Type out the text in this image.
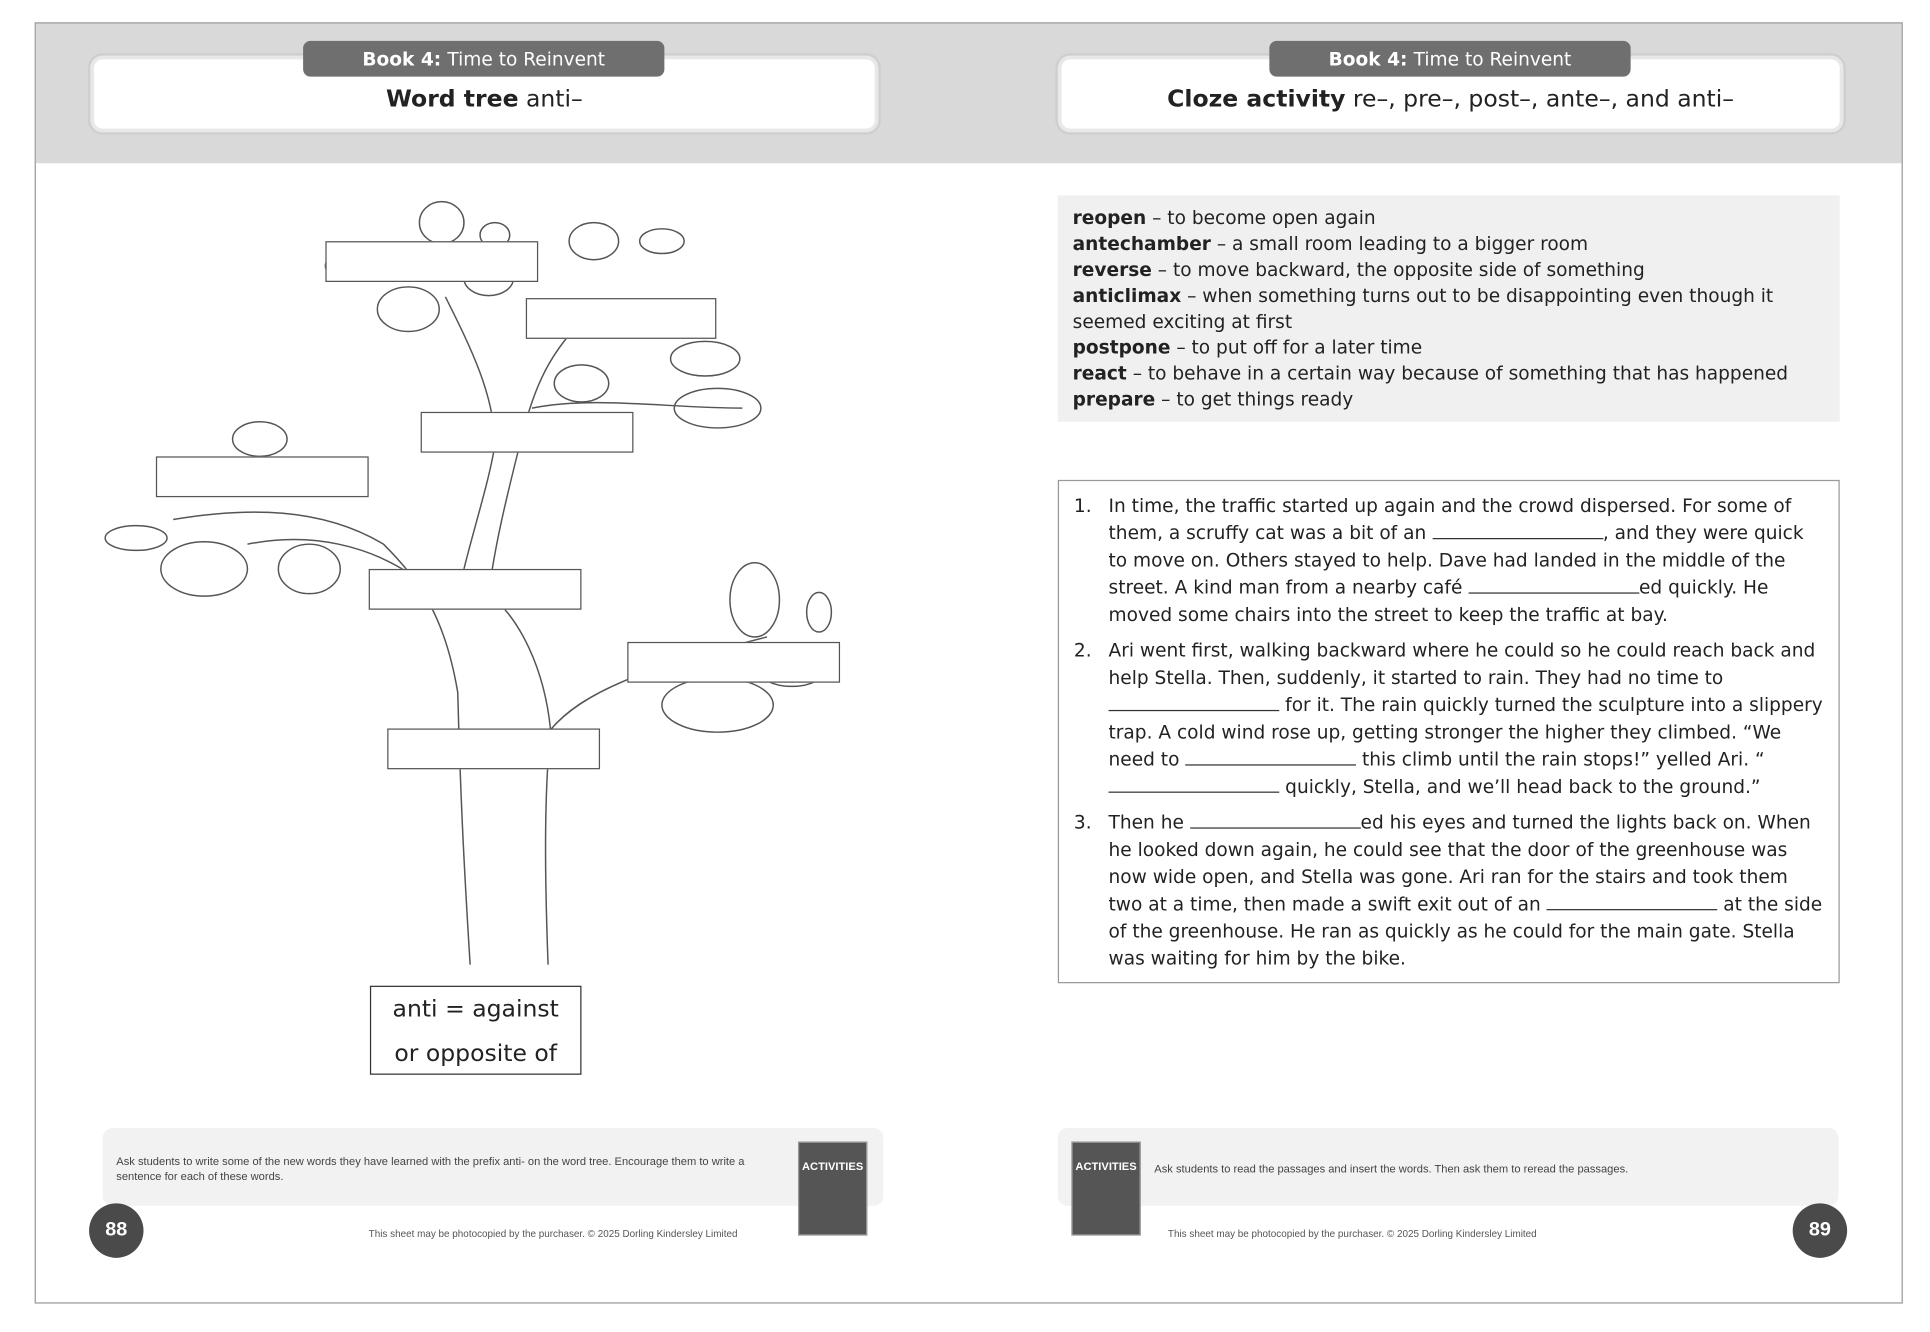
Word tree anti–
Book 4: Time to Reinvent
Cloze activity re–, pre–, post–, ante–, and anti–
Book 4: Time to Reinvent
anti = against
or opposite of
reopen – to become open again
antechamber – a small room leading to a bigger room
reverse – to move backward, the opposite side of something
anticlimax – when something turns out to be disappointing even though it seemed exciting at first
postpone – to put off for a later time
react – to behave in a certain way because of something that has happened
prepare – to get things ready
1.	In time, the traffic started up again and the crowd dispersed. For some of them, a scruffy cat was a bit of an	, and they were quick to move on. Others stayed to help. Dave had landed in the middle of the street. A kind man from a nearby café	ed quickly. He moved some chairs into the street to keep the traffic at bay.
2.	Ari went first, walking backward where he could so he could reach back and help Stella. Then, suddenly, it started to rain. They had no time to  for it. The rain quickly turned the sculpture into a slippery trap. A cold wind rose up, getting stronger the higher they climbed. “We need to	this climb until the rain stops!” yelled Ari. “ quickly, Stella, and we’ll head back to the ground.”
3.	Then he	ed his eyes and turned the lights back on. When he looked down again, he could see that the door of the greenhouse was now wide open, and Stella was gone. Ari ran for the stairs and took them two at a time, then made a swift exit out of an	at the side of the greenhouse. He ran as quickly as he could for the main gate. Stella was waiting for him by the bike.
Ask students to write some of the new words they have learned with the prefix anti- on the word tree. Encourage them to write a sentence for each of these words.
ACTIVITIES
88	This sheet may be photocopied by the purchaser. © 2025 Dorling Kindersley Limited
Ask students to read the passages and insert the words. Then ask them to reread the passages.
ACTIVITIES
89
This sheet may be photocopied by the purchaser. © 2025 Dorling Kindersley Limited
